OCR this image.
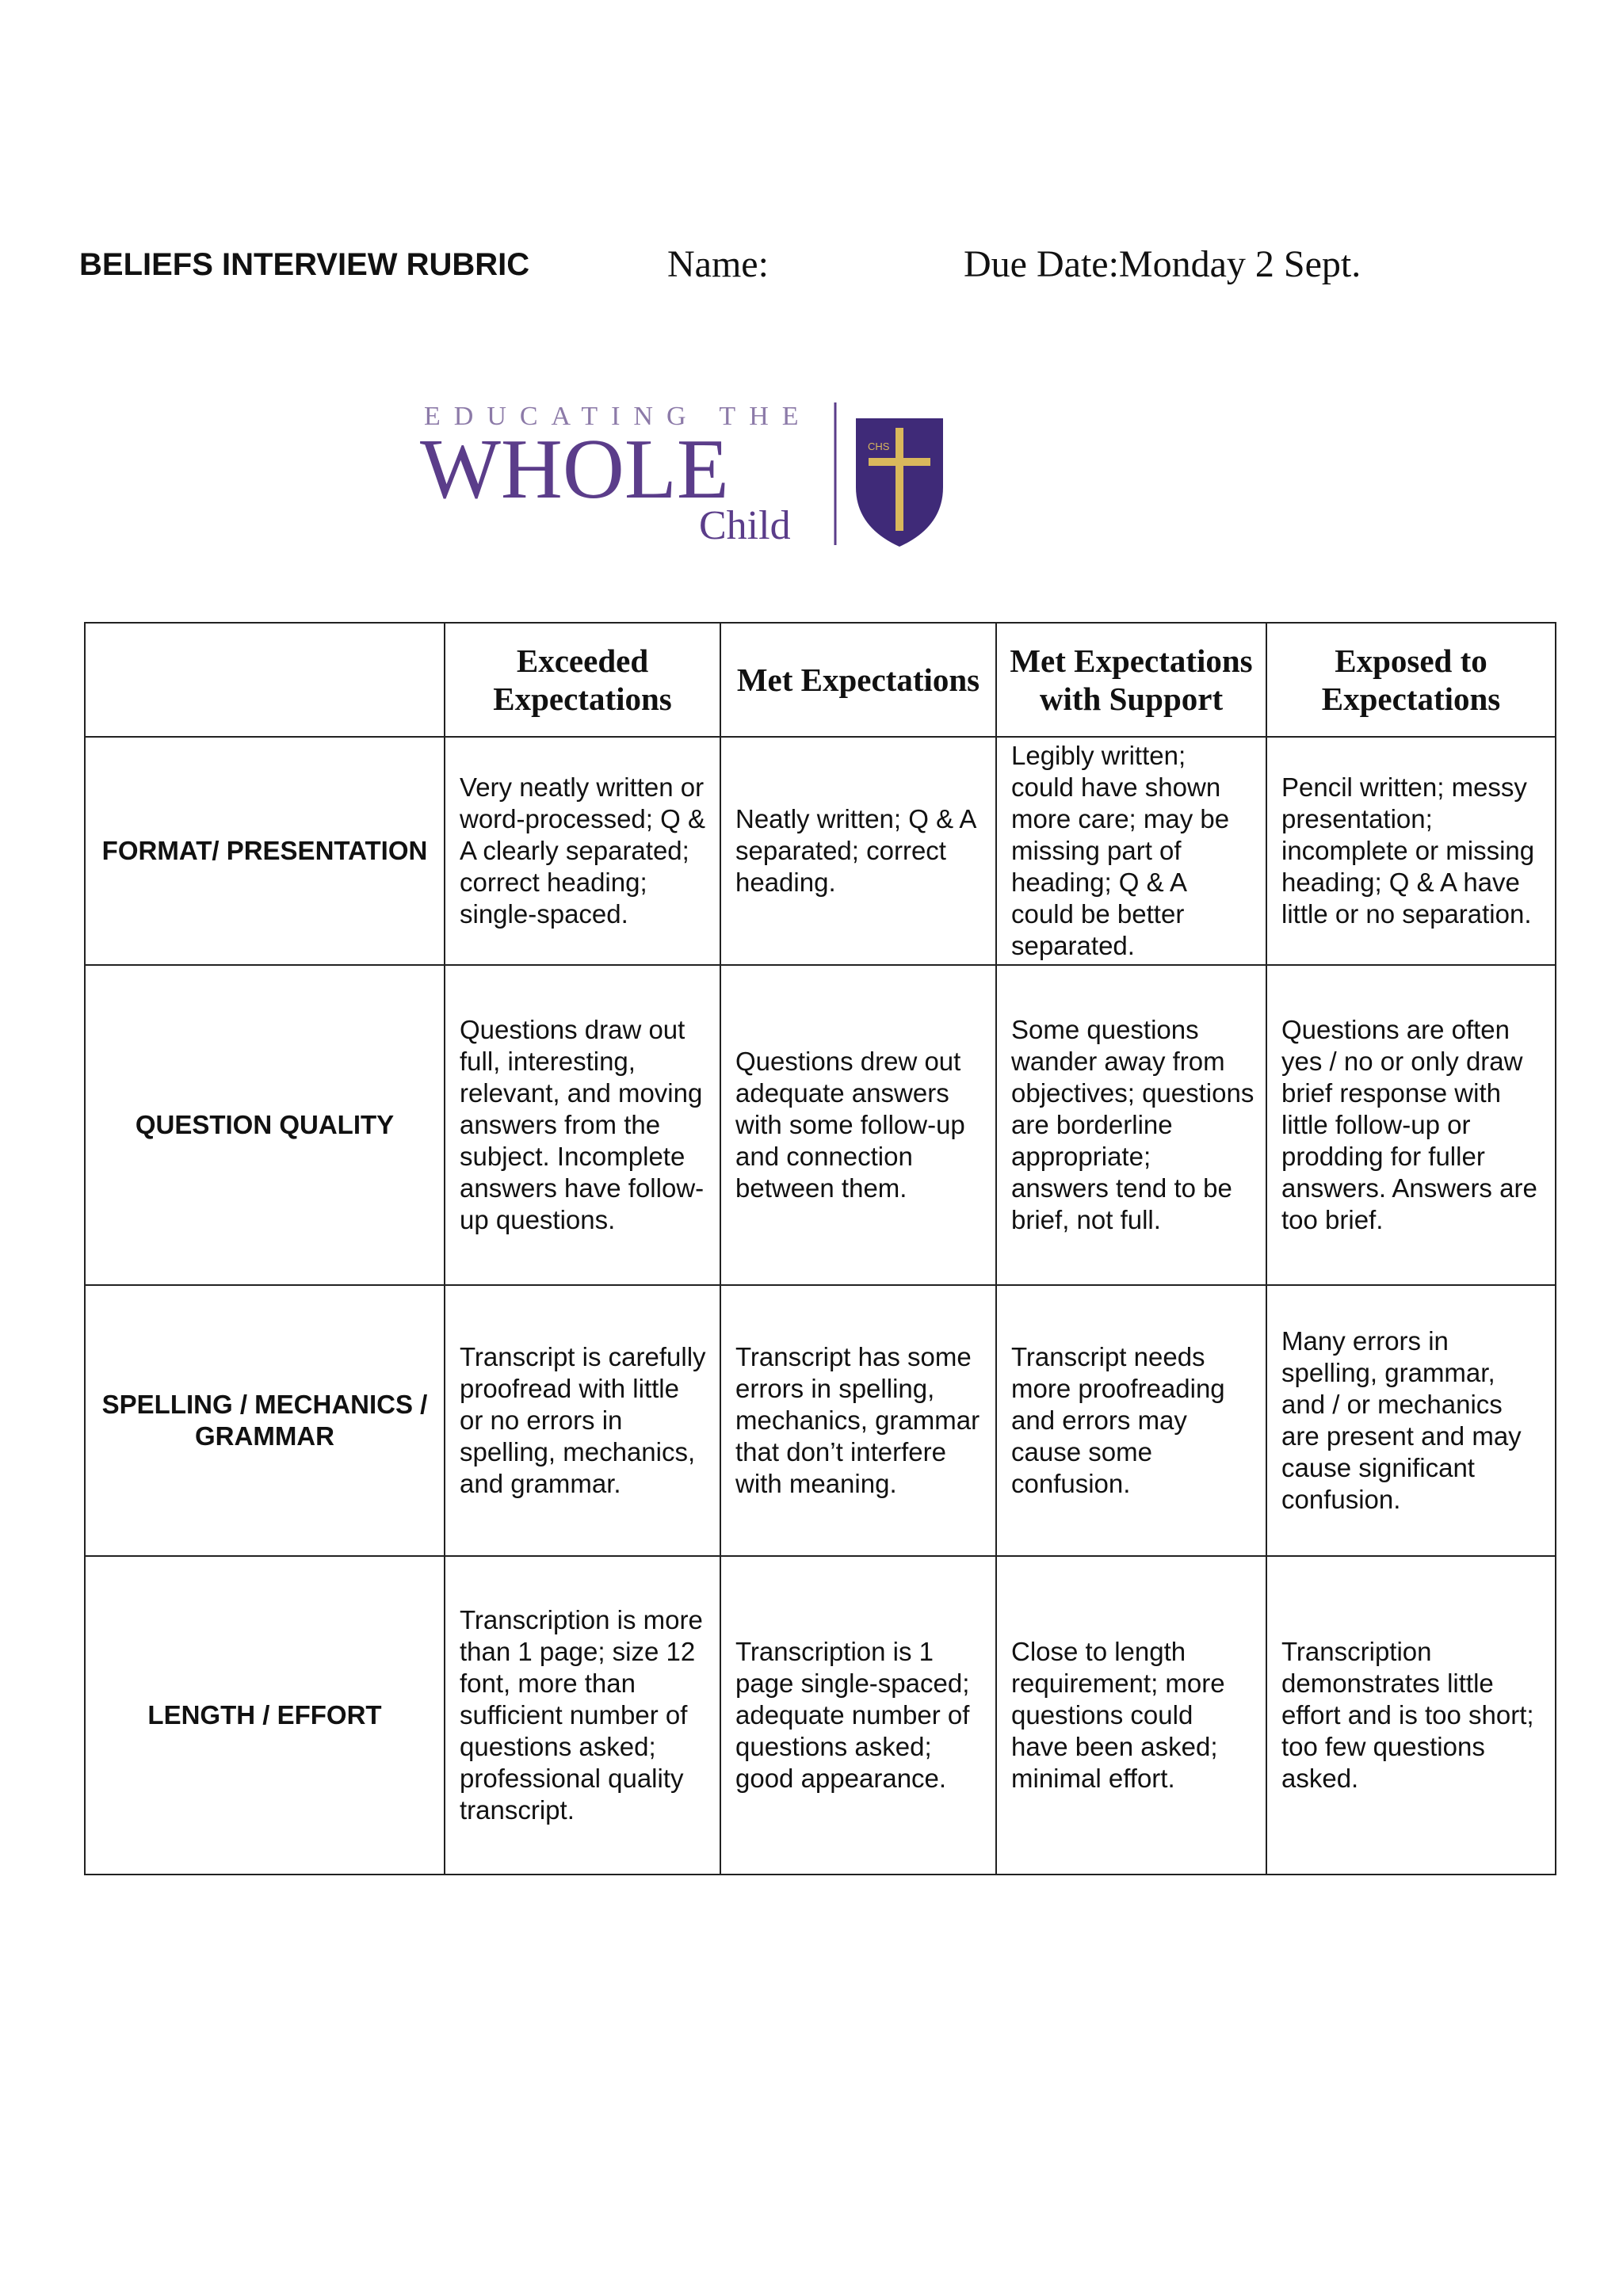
BELIEFS INTERVIEW RUBRIC	Name:	Due Date:Monday 2 Sept.
EDUCATING THE
WHOLE
Child
CHS
	Exceeded Expectations	Met Expectations	Met Expectations with Support	Exposed to Expectations
FORMAT/ PRESENTATION	Very neatly written or word-processed; Q & A clearly separated; correct heading; single-spaced.	Neatly written; Q & A separated; correct heading.	Legibly written; could have shown more care; may be missing part of heading; Q & A could be better separated.	Pencil written; messy presentation; incomplete or missing heading; Q & A have little or no separation.
QUESTION QUALITY	Questions draw out full, interesting, relevant, and moving answers from the subject. Incomplete answers have follow-up questions.	Questions drew out adequate answers with some follow-up and connection between them.	Some questions wander away from objectives; questions are borderline appropriate; answers tend to be brief, not full.	Questions are often yes / no or only draw brief response with little follow-up or prodding for fuller answers. Answers are too brief.
SPELLING / MECHANICS / GRAMMAR	Transcript is carefully proofread with little or no errors in spelling, mechanics, and grammar.	Transcript has some errors in spelling, mechanics, grammar that don’t interfere with meaning.	Transcript needs more proofreading and errors may cause some confusion.	Many errors in spelling, grammar, and / or mechanics are present and may cause significant confusion.
LENGTH / EFFORT	Transcription is more than 1 page; size 12 font, more than sufficient number of questions asked; professional quality transcript.	Transcription is 1 page single-spaced; adequate number of questions asked; good appearance.	Close to length requirement; more questions could have been asked; minimal effort.	Transcription demonstrates little effort and is too short; too few questions asked.
